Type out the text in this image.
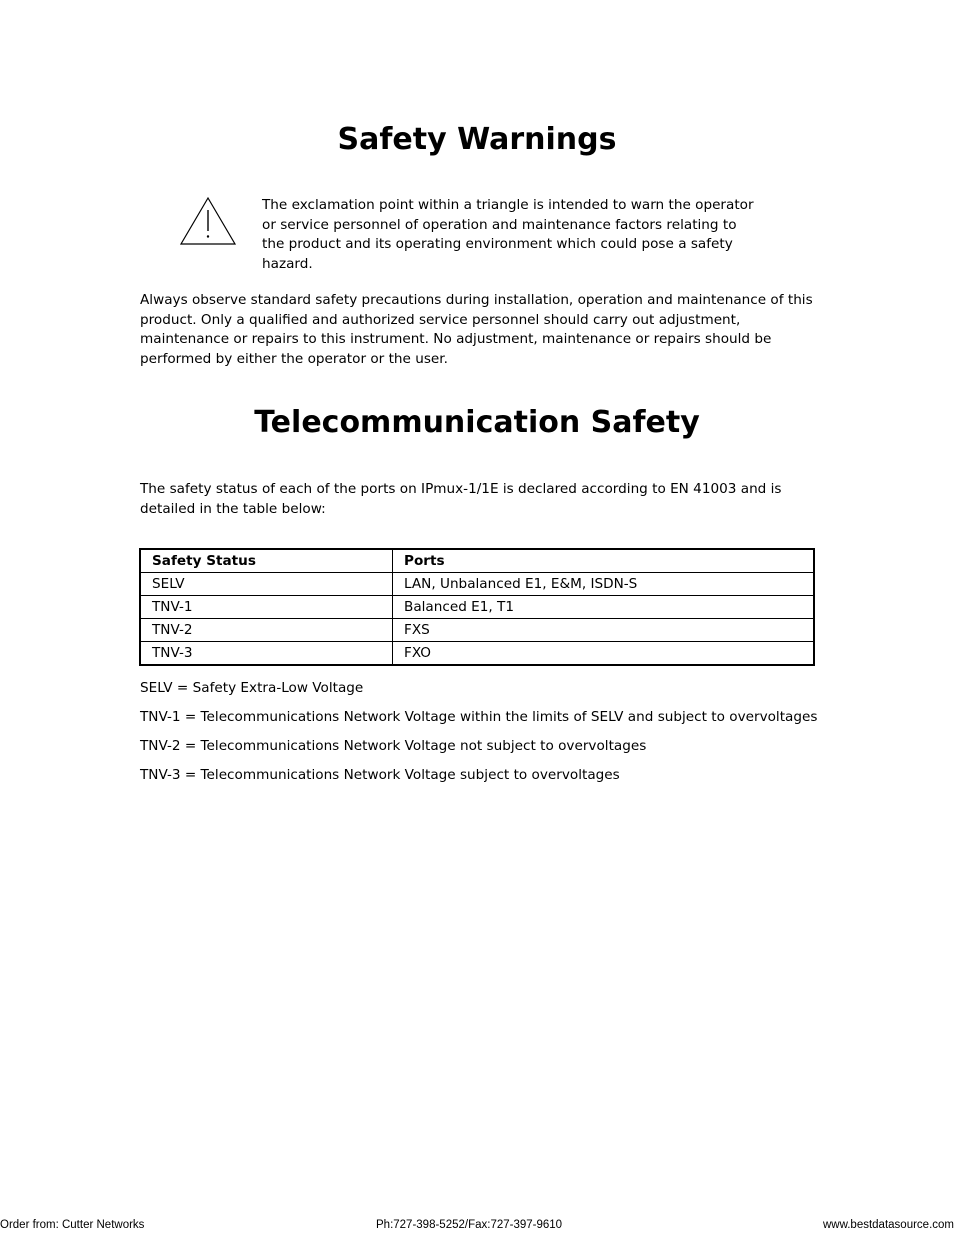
Safety Warnings
The exclamation point within a triangle is intended to warn the operator or service personnel of operation and maintenance factors relating to the product and its operating environment which could pose a safety hazard.
Always observe standard safety precautions during installation, operation and maintenance of this product. Only a qualified and authorized service personnel should carry out adjustment, maintenance or repairs to this instrument. No adjustment, maintenance or repairs should be performed by either the operator or the user.
Telecommunication Safety
The safety status of each of the ports on IPmux-1/1E is declared according to EN 41003 and is detailed in the table below:
Safety Status	Ports
SELV	LAN, Unbalanced E1, E&M, ISDN-S
TNV-1	Balanced E1, T1
TNV-2	FXS
TNV-3	FXO
SELV = Safety Extra-Low Voltage
TNV-1 = Telecommunications Network Voltage within the limits of SELV and subject to overvoltages
TNV-2 = Telecommunications Network Voltage not subject to overvoltages
TNV-3 = Telecommunications Network Voltage subject to overvoltages
Order from: Cutter Networks	Ph:727-398-5252/Fax:727-397-9610	www.bestdatasource.com
